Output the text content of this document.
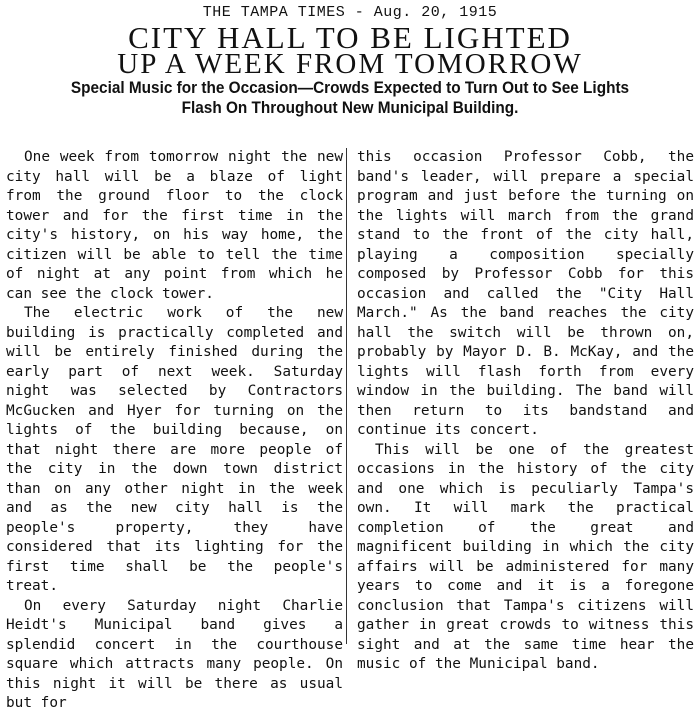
THE TAMPA TIMES - Aug. 20, 1915
CITY HALL TO BE LIGHTED
UP A WEEK FROM TOMORROW
Special Music for the Occasion—Crowds Expected to Turn Out to See Lights Flash On Throughout New Municipal Building.

One week from tomorrow night the new city hall will be a blaze of light from the ground floor to the clock tower and for the first time in the city's history, on his way home, the citizen will be able to tell the time of night at any point from which he can see the clock tower.

The electric work of the new building is practically completed and will be entirely finished during the early part of next week. Saturday night was selected by Contractors McGucken and Hyer for turning on the lights of the building because, on that night there are more people of the city in the down town district than on any other night in the week and as the new city hall is the people's property, they have considered that its lighting for the first time shall be the people's treat.

On every Saturday night Charlie Heidt's Municipal band gives a splendid concert in the courthouse square which attracts many people. On this night it will be there as usual but for

this occasion Professor Cobb, the band's leader, will prepare a special program and just before the turning on the lights will march from the grand stand to the front of the city hall, playing a composition specially composed by Professor Cobb for this occasion and called the "City Hall March." As the band reaches the city hall the switch will be thrown on, probably by Mayor D. B. McKay, and the lights will flash forth from every window in the building. The band will then return to its bandstand and continue its concert.

This will be one of the greatest occasions in the history of the city and one which is peculiarly Tampa's own. It will mark the practical completion of the great and magnificent building in which the city affairs will be administered for many years to come and it is a foregone conclusion that Tampa's citizens will gather in great crowds to witness this sight and at the same time hear the music of the Municipal band.
